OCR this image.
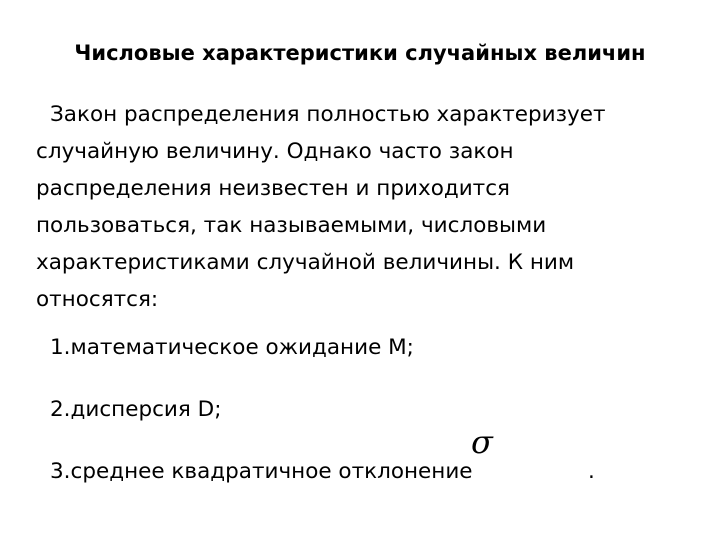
Числовые характеристики случайных величин
Закон распределения полностью характеризует
случайную величину. Однако часто закон
распределения неизвестен и приходится
пользоваться, так называемыми, числовыми
характеристиками случайной величины. К ним
относятся:
1.математическое ожидание М;
2.дисперсия D;
3.среднее квадратичное отклонение
σ
.
